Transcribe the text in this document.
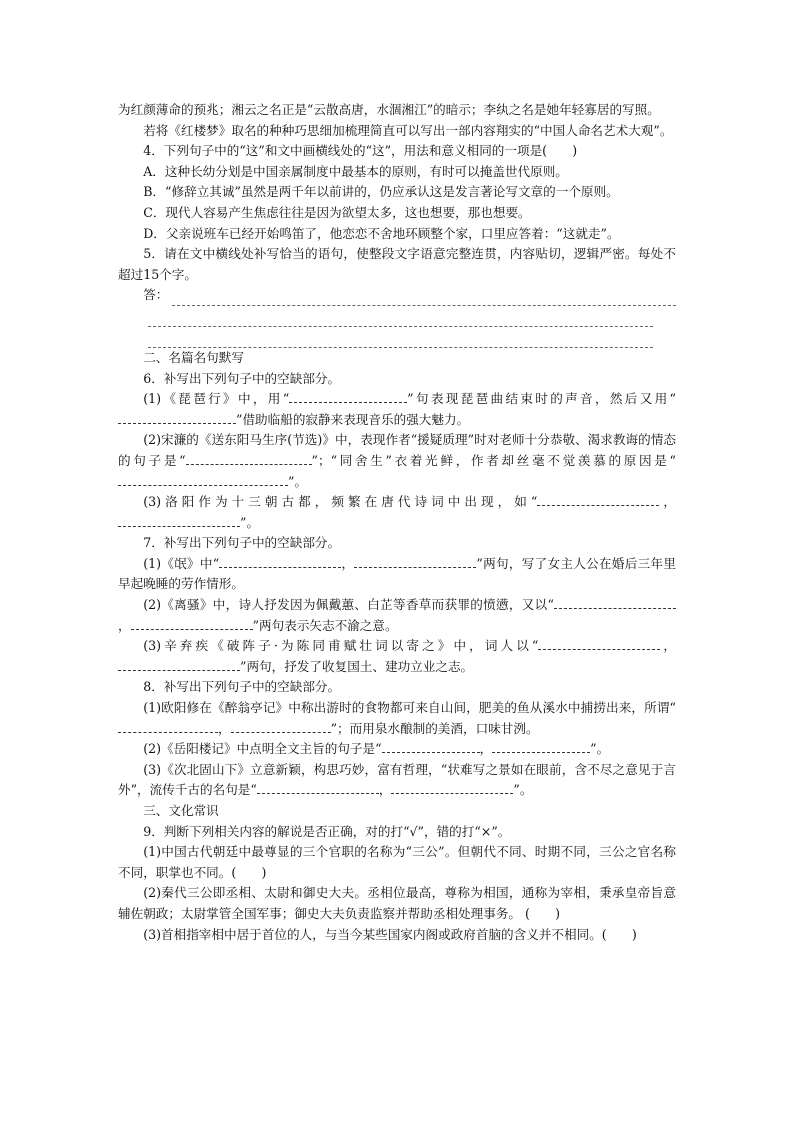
为红颜薄命的预兆；湘云之名正是“云散高唐，水涸湘江”的暗示；李纨之名是她年轻寡居的写照。

若将《红楼梦》取名的种种巧思细加梳理简直可以写出一部内容翔实的“中国人命名艺术大观”。

4．下列句子中的“这”和文中画横线处的“这”，用法和意义相同的一项是(　　)

A．这种长幼分划是中国亲属制度中最基本的原则，有时可以掩盖世代原则。

B．“修辞立其诚”虽然是两千年以前讲的，仍应承认这是发言著论写文章的一个原则。

C．现代人容易产生焦虑往往是因为欲望太多，这也想要，那也想要。

D．父亲说班车已经开始鸣笛了，他恋恋不舍地环顾整个家，口里应答着：“这就走”。

5．请在文中横线处补写恰当的语句，使整段文字语意完整连贯，内容贴切，逻辑严密。每处不超过15个字。

答：

二、名篇名句默写

6．补写出下列句子中的空缺部分。

(1)《琵琶行》中，用“	”句表现琵琶曲结束时的声音，然后又用“”借助临船的寂静来表现音乐的强大魅力。

(2)宋濂的《送东阳马生序(节选)》中，表现作者“援疑质理”时对老师十分恭敬、渴求教诲的情态的句子是“	”；“同舍生”衣着光鲜，作者却丝毫不觉羡慕的原因是“”。

(3)洛阳作为十三朝古都，频繁在唐代诗词中出现，如“	，”。

7．补写出下列句子中的空缺部分。

(1)《氓》中“	，	”两句，写了女主人公在婚后三年里早起晚睡的劳作情形。

(2)《离骚》中，诗人抒发因为佩戴蕙、白芷等香草而获罪的愤懑，又以“，	”两句表示矢志不渝之意。

(3)辛弃疾《破阵子·为陈同甫赋壮词以寄之》中，词人以“	，”两句，抒发了收复国土、建功立业之志。

8．补写出下列句子中的空缺部分。

(1)欧阳修在《醉翁亭记》中称出游时的食物都可来自山间，肥美的鱼从溪水中捕捞出来，所谓“，	”；而用泉水酿制的美酒，口味甘洌。

(2)《岳阳楼记》中点明全文主旨的句子是“	，	”。

(3)《次北固山下》立意新颖，构思巧妙，富有哲理，“状难写之景如在眼前，含不尽之意见于言外”，流传千古的名句是“	，	”。

三、文化常识

9．判断下列相关内容的解说是否正确，对的打“√”，错的打“×”。

(1)中国古代朝廷中最尊显的三个官职的名称为“三公”。但朝代不同、时期不同，三公之官名称不同，职掌也不同。(　　)

(2)秦代三公即丞相、太尉和御史大夫。丞相位最高，尊称为相国，通称为宰相，秉承皇帝旨意辅佐朝政；太尉掌管全国军事；御史大夫负责监察并帮助丞相处理事务。 (　　)

(3)首相指宰相中居于首位的人，与当今某些国家内阁或政府首脑的含义并不相同。(　　)
